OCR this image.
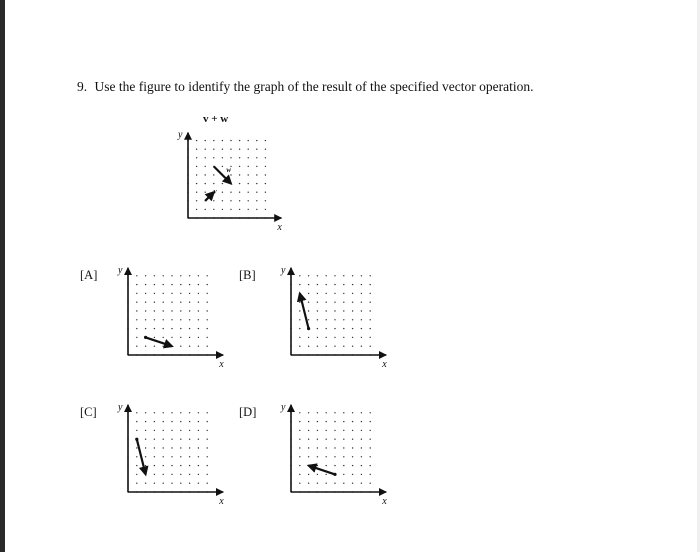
9. Use the figure to identify the graph of the result of the specified vector operation.
v + w
x
y
w
v
[A]	[B]
[C]	[D]
x
y
x
y
x
y
x
y
